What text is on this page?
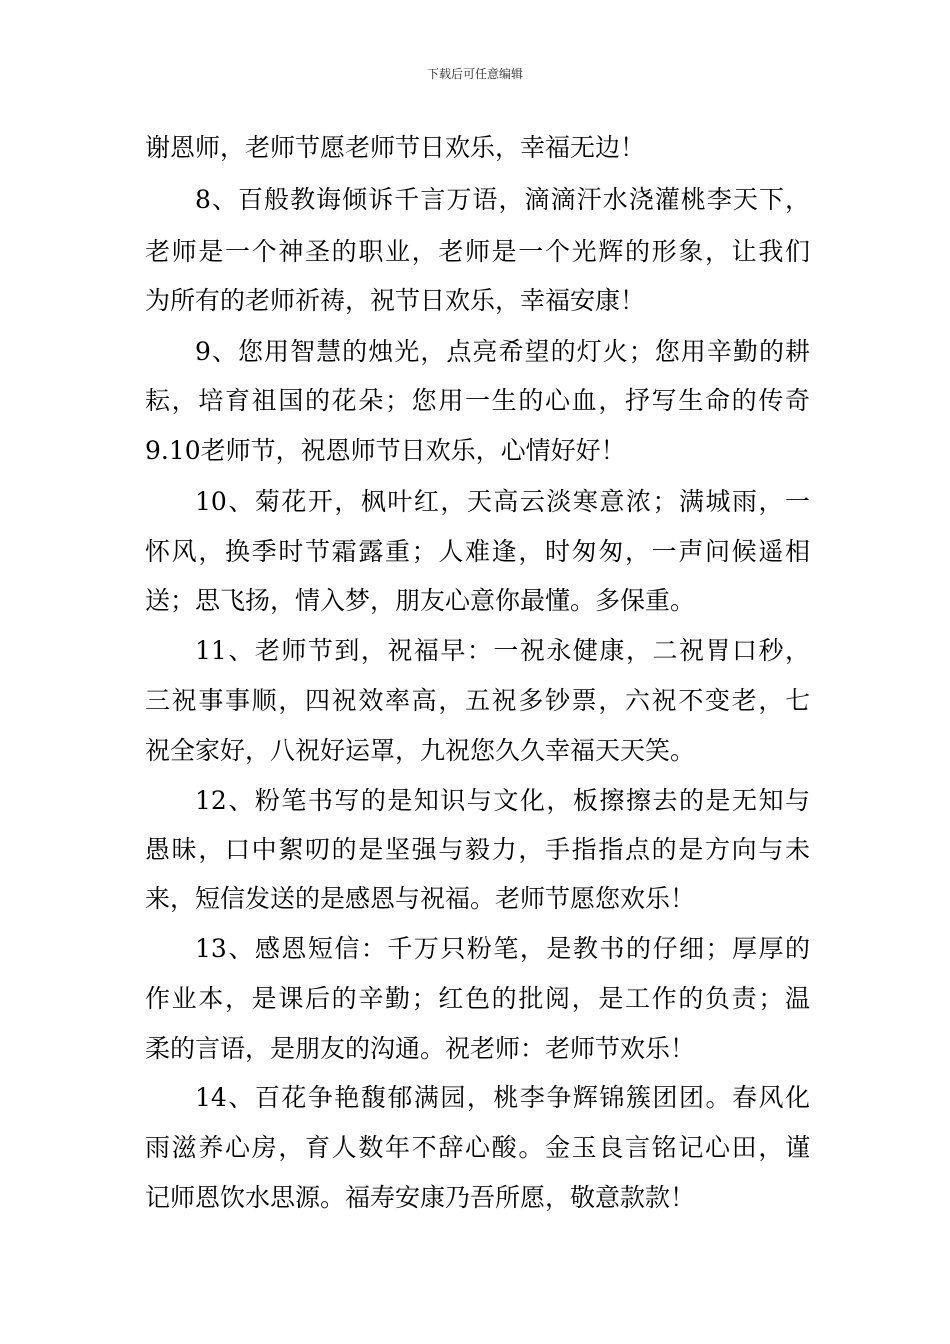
下载后可任意编辑
谢恩师，老师节愿老师节日欢乐，幸福无边！
8、百般教诲倾诉千言万语，滴滴汗水浇灌桃李天下，
老师是一个神圣的职业，老师是一个光辉的形象，让我们
为所有的老师祈祷，祝节日欢乐，幸福安康！
9、您用智慧的烛光，点亮希望的灯火；您用辛勤的耕
耘，培育祖国的花朵；您用一生的心血，抒写生命的传奇
9.10老师节，祝恩师节日欢乐，心情好好！
10、菊花开，枫叶红，天高云淡寒意浓；满城雨，一
怀风，换季时节霜露重；人难逢，时匆匆，一声问候遥相
送；思飞扬，情入梦，朋友心意你最懂。多保重。
11、老师节到，祝福早：一祝永健康，二祝胃口秒，
三祝事事顺，四祝效率高，五祝多钞票，六祝不变老，七
祝全家好，八祝好运罩，九祝您久久幸福天天笑。
12、粉笔书写的是知识与文化，板擦擦去的是无知与
愚昧，口中絮叨的是坚强与毅力，手指指点的是方向与未
来，短信发送的是感恩与祝福。老师节愿您欢乐！
13、感恩短信：千万只粉笔，是教书的仔细；厚厚的
作业本，是课后的辛勤；红色的批阅，是工作的负责；温
柔的言语，是朋友的沟通。祝老师：老师节欢乐！
14、百花争艳馥郁满园，桃李争辉锦簇团团。春风化
雨滋养心房，育人数年不辞心酸。金玉良言铭记心田，谨
记师恩饮水思源。福寿安康乃吾所愿，敬意款款！
